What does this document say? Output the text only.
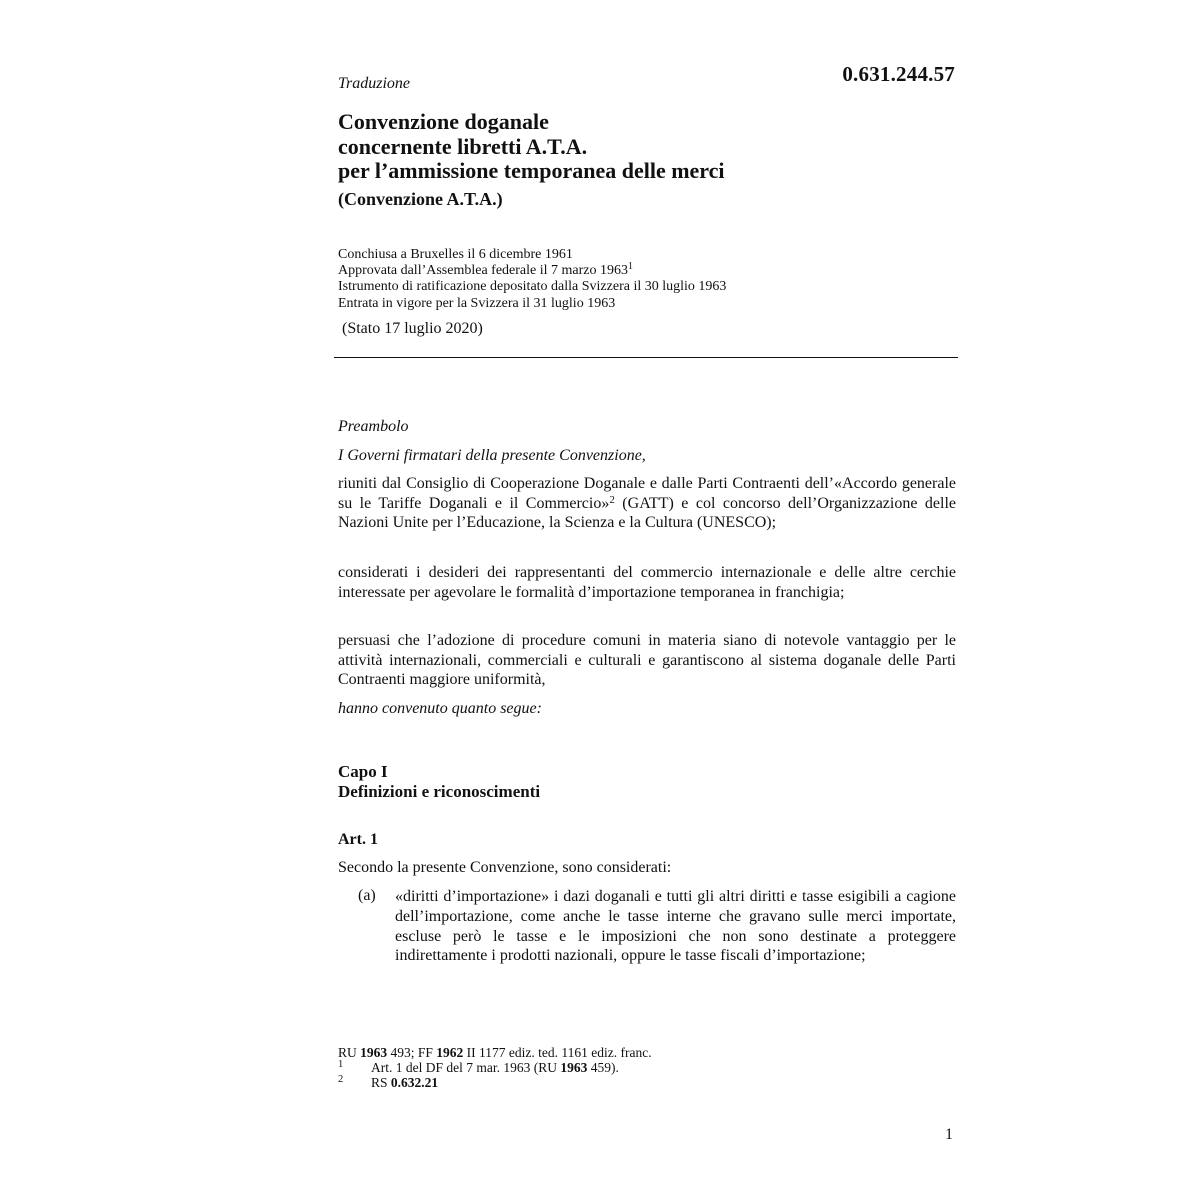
Traduzione	0.631.244.57
Convenzione doganale
concernente libretti A.T.A.
per l’ammissione temporanea delle merci
(Convenzione A.T.A.)
Conchiusa a Bruxelles il 6 dicembre 1961
Approvata dall’Assemblea federale il 7 marzo 1963$^1$
Istrumento di ratificazione depositato dalla Svizzera il 30 luglio 1963
Entrata in vigore per la Svizzera il 31 luglio 1963
(Stato 17 luglio 2020)
Preambolo
I Governi firmatari della presente Convenzione,
riuniti dal Consiglio di Cooperazione Doganale e dalle Parti Contraenti dell’«Accordo generale su le Tariffe Doganali e il Commercio»$^2$ (GATT) e col concorso dell’Organizzazione delle Nazioni Unite per l’Educazione, la Scienza e la Cultura (UNESCO);
considerati i desideri dei rappresentanti del commercio internazionale e delle altre cerchie interessate per agevolare le formalità d’importazione temporanea in franchigia;
persuasi che l’adozione di procedure comuni in materia siano di notevole vantaggio per le attività internazionali, commerciali e culturali e garantiscono al sistema doganale delle Parti Contraenti maggiore uniformità,
hanno convenuto quanto segue:
Capo I
Definizioni e riconoscimenti
Art. 1
Secondo la presente Convenzione, sono considerati:
(a) «diritti d’importazione» i dazi doganali e tutti gli altri diritti e tasse esigibili a cagione dell’importazione, come anche le tasse interne che gravano sulle merci importate, escluse però le tasse e le imposizioni che non sono destinate a proteggere indirettamente i prodotti nazionali, oppure le tasse fiscali d’importazione;
RU 1963 493; FF 1962 II 1177 ediz. ted. 1161 ediz. franc.
1	Art. 1 del DF del 7 mar. 1963 (RU 1963 459).
2	RS 0.632.21
1
